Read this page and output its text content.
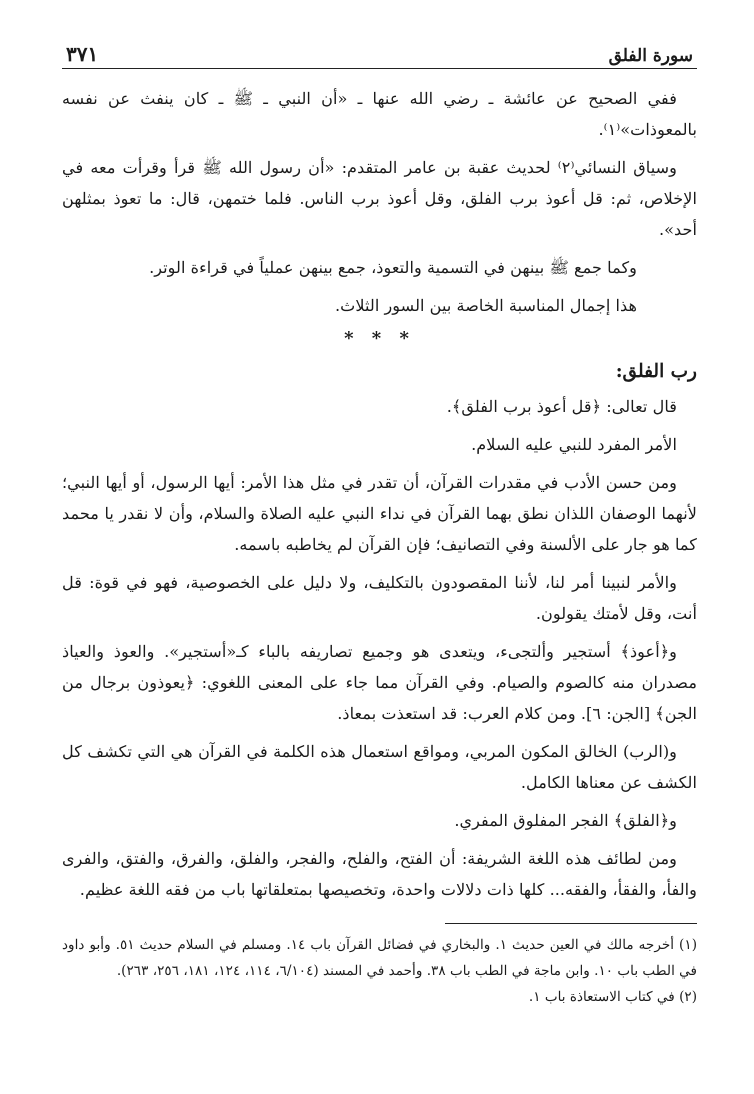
سورة الفلق
٣٧١

ففي الصحيح عن عائشة ـ رضي الله عنها ـ «أن النبي ـ ﷺ ـ كان ينفث عن نفسه بالمعوذات»⁽١⁾.

وسياق النسائي⁽٢⁾ لحديث عقبة بن عامر المتقدم: «أن رسول الله ﷺ قرأ وقرأت معه في الإخلاص، ثم: قل أعوذ برب الفلق، وقل أعوذ برب الناس. فلما ختمهن، قال: ما تعوذ بمثلهن أحد».

وكما جمع ﷺ بينهن في التسمية والتعوذ، جمع بينهن عملياً في قراءة الوتر.

هذا إجمال المناسبة الخاصة بين السور الثلاث.

* * *
رب الفلق:

قال تعالى: ﴿قل أعوذ برب الفلق﴾.

الأمر المفرد للنبي عليه السلام.

ومن حسن الأدب في مقدرات القرآن، أن تقدر في مثل هذا الأمر: أيها الرسول، أو أيها النبي؛ لأنهما الوصفان اللذان نطق بهما القرآن في نداء النبي عليه الصلاة والسلام، وأن لا نقدر يا محمد كما هو جار على الألسنة وفي التصانيف؛ فإن القرآن لم يخاطبه باسمه.

والأمر لنبينا أمر لنا، لأننا المقصودون بالتكليف، ولا دليل على الخصوصية، فهو في قوة: قل أنت، وقل لأمتك يقولون.

و﴿أعوذ﴾ أستجير وألتجىء، ويتعدى هو وجميع تصاريفه بالباء كـ«أستجير». والعوذ والعياذ مصدران منه كالصوم والصيام. وفي القرآن مما جاء على المعنى اللغوي: ﴿يعوذون برجال من الجن﴾ [الجن: ٦]. ومن كلام العرب: قد استعذت بمعاذ.

و(الرب) الخالق المكون المربي، ومواقع استعمال هذه الكلمة في القرآن هي التي تكشف كل الكشف عن معناها الكامل.

و﴿الفلق﴾ الفجر المفلوق المفري.

ومن لطائف هذه اللغة الشريفة: أن الفتح، والفلح، والفجر، والفلق، والفرق، والفتق، والفرى والفأ، والفقأ، والفقه... كلها ذات دلالات واحدة، وتخصيصها بمتعلقاتها باب من فقه اللغة عظيم.

(١) أخرجه مالك في العين حديث ١. والبخاري في فضائل القرآن باب ١٤. ومسلم في السلام حديث ٥١. وأبو داود في الطب باب ١٠. وابن ماجة في الطب باب ٣٨. وأحمد في المسند (٦/١٠٤، ١١٤، ١٢٤، ١٨١، ٢٥٦، ٢٦٣).

(٢) في كتاب الاستعاذة باب ١.
